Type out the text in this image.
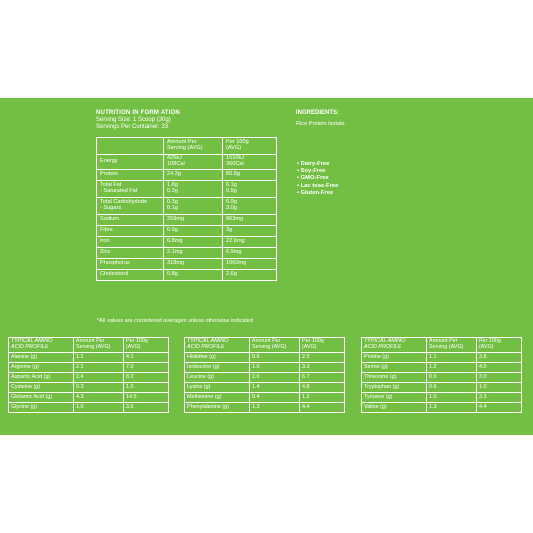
NUTRITION IN FORM ATION
Serving Size: 1 Scoop (30g)
Servings Per Container: 33
	Amount Per
Serving (AVG)	Per 100g
(AVG)
Energy	425kJ
108Cal	1510kJ
360Cal
Protein	24.3g	80.8g
Total Fat
- Saturated Fat	1.8g
0.3g	6.1g
0.9g
Total Carbohydrate
- Sugars	0.3g
0.1g	0.9g
3.0g
Sodium	259mg	863mg
Fibre	0.9g	3g
Iron	6.8mg	22.6mg
Zinc	2.1mg	6.9mg
Phosphorus	318mg	1060mg
Cholesterol	0.8g	2.6g
*All values are considered averages unless otherwise indicated
INGREDIENTS:
Rice Protein Isolate.
• Dairy-Free
• Soy-Free
• GMO-Free
• Lac tose-Free
• Gluten-Free
TYPICAL AMINO
ACID PROFILE	Amount Per
Serving (AVG)	Per 100g
(AVG)
Alanine (g)	1.2	4.1
Arginine (g)	2.1	7.0
Aspartic Acid (g)	2.4	8.2
Cysteine (g)	0.3	1.0
Glutamic Acid (g)	4.3	14.5
Glycine (g)	1.0	3.5
TYPICAL AMINO
ACID PROFILE	Amount Per
Serving (AVG)	Per 100g
(AVG)
Histidine (g)	0.6	2.0
Isoleucine (g)	1.0	3.3
Leucine (g)	2.0	6.7
Lysine (g)	1.4	4.8
Methionine (g)	0.4	1.2
Phenylalanine (g)	1.3	4.4
TYPICAL AMINO
ACID PROFILE	Amount Per
Serving (AVG)	Per 100g
(AVG)
Proline (g)	1.1	3.8
Serine (g)	1.2	4.0
Threonine (g)	0.9	3.0
Tryptophan (g)	0.6	1.0
Tyrosine (g)	1.0	3.3
Valine (g)	1.3	4.4
